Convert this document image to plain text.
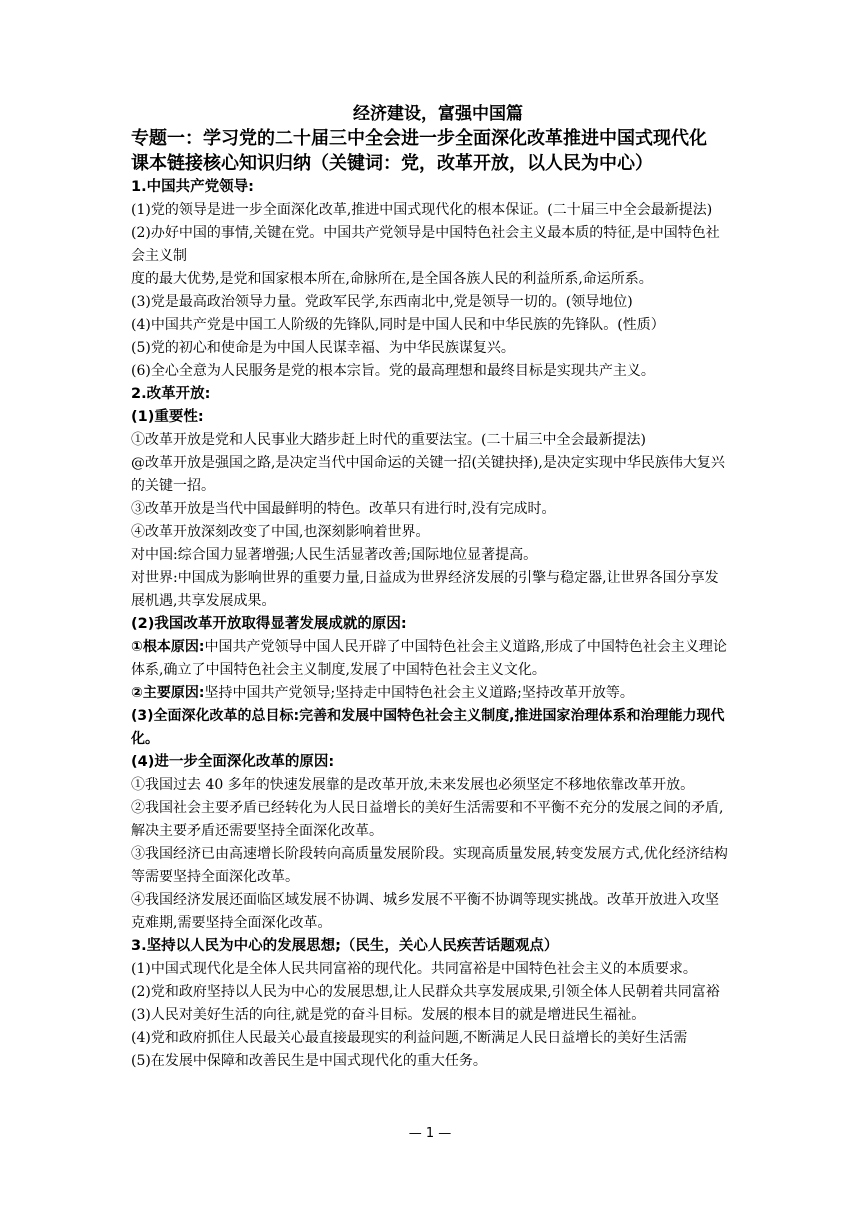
经济建设，富强中国篇
专题一：学习党的二十届三中全会进一步全面深化改革推进中国式现代化
课本链接核心知识归纳（关键词：党，改革开放，以人民为中心）
1.中国共产党领导:
(1)党的领导是进一步全面深化改革,推进中国式现代化的根本保证。(二十届三中全会最新提法)
(2)办好中国的事情,关键在党。中国共产党领导是中国特色社会主义最本质的特征,是中国特色社会主义制
度的最大优势,是党和国家根本所在,命脉所在,是全国各族人民的利益所系,命运所系。
(3)党是最高政治领导力量。党政军民学,东西南北中,党是领导一切的。(领导地位)
(4)中国共产党是中国工人阶级的先锋队,同时是中国人民和中华民族的先锋队。(性质）
(5)党的初心和使命是为中国人民谋幸福、为中华民族谋复兴。
(6)全心全意为人民服务是党的根本宗旨。党的最高理想和最终目标是实现共产主义。
2.改革开放:
(1)重要性:
①改革开放是党和人民事业大踏步赶上时代的重要法宝。(二十届三中全会最新提法)
@改革开放是强国之路,是决定当代中国命运的关键一招(关键抉择),是决定实现中华民族伟大复兴的关键一招。
③改革开放是当代中国最鲜明的特色。改革只有进行时,没有完成时。
④改革开放深刻改变了中国,也深刻影响着世界。
对中国:综合国力显著增强;人民生活显著改善;国际地位显著提高。
对世界:中国成为影响世界的重要力量,日益成为世界经济发展的引擎与稳定器,让世界各国分享发展机遇,共享发展成果。
(2)我国改革开放取得显著发展成就的原因:
①根本原因:中国共产党领导中国人民开辟了中国特色社会主义道路,形成了中国特色社会主义理论体系,确立了中国特色社会主义制度,发展了中国特色社会主义文化。
②主要原因:坚持中国共产党领导;坚持走中国特色社会主义道路;坚持改革开放等。
(3)全面深化改革的总目标:完善和发展中国特色社会主义制度,推进国家治理体系和治理能力现代化。
(4)进一步全面深化改革的原因:
①我国过去 40 多年的快速发展靠的是改革开放,未来发展也必须坚定不移地依靠改革开放。
②我国社会主要矛盾已经转化为人民日益增长的美好生活需要和不平衡不充分的发展之间的矛盾,解决主要矛盾还需要坚持全面深化改革。
③我国经济已由高速增长阶段转向高质量发展阶段。实现高质量发展,转变发展方式,优化经济结构等需要坚持全面深化改革。
④我国经济发展还面临区域发展不协调、城乡发展不平衡不协调等现实挑战。改革开放进入攻坚克难期,需要坚持全面深化改革。
3.坚持以人民为中心的发展思想;（民生，关心人民疾苦话题观点）
(1)中国式现代化是全体人民共同富裕的现代化。共同富裕是中国特色社会主义的本质要求。
(2)党和政府坚持以人民为中心的发展思想,让人民群众共享发展成果,引领全体人民朝着共同富裕
(3)人民对美好生活的向往,就是党的奋斗目标。发展的根本目的就是增进民生福祉。
(4)党和政府抓住人民最关心最直接最现实的利益问题,不断满足人民日益增长的美好生活需
(5)在发展中保障和改善民生是中国式现代化的重大任务。
— 1 —
